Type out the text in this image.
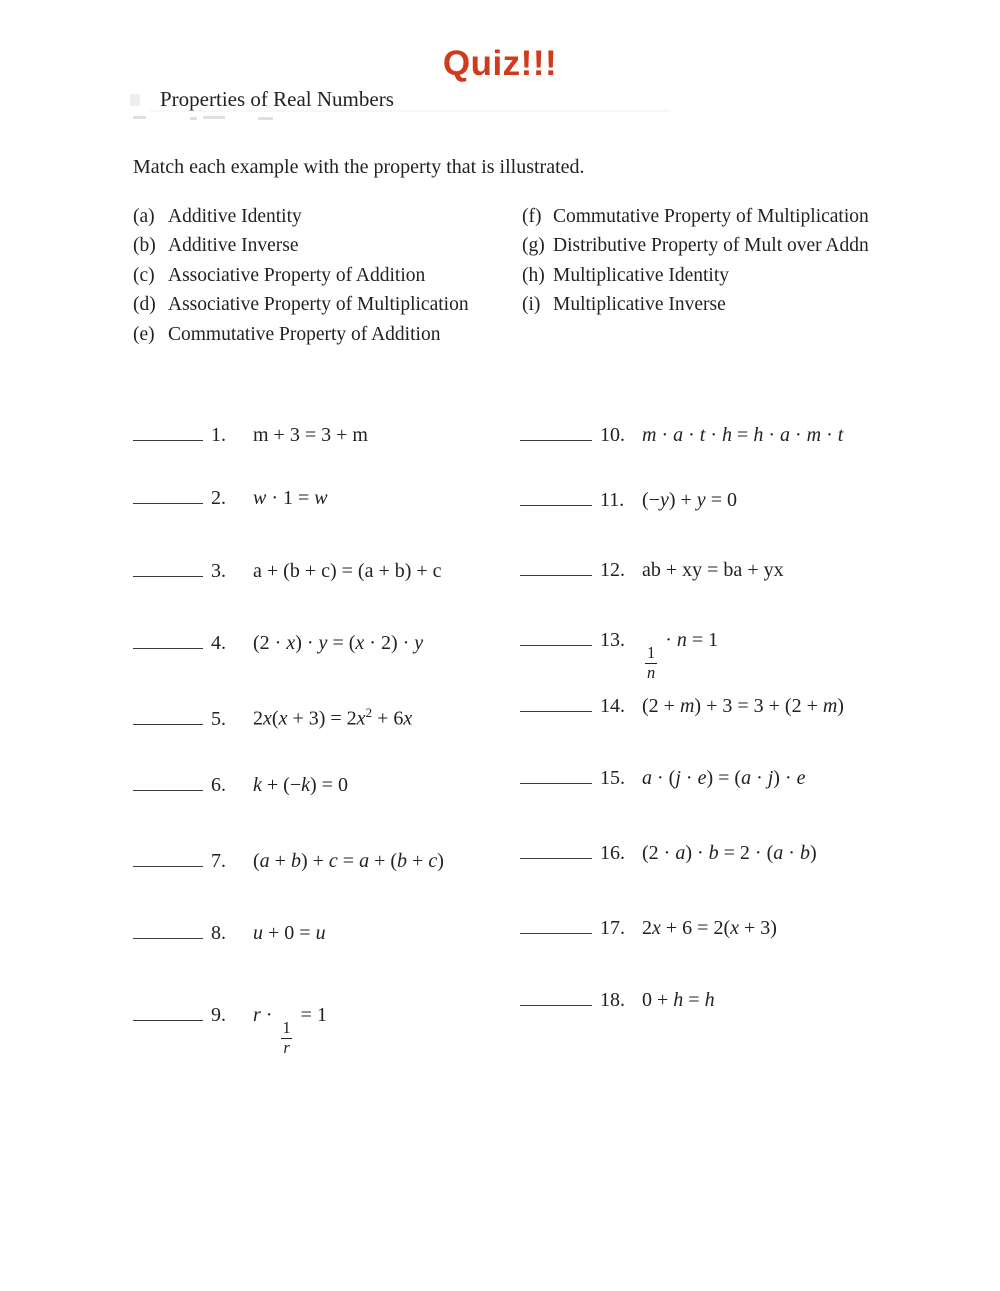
Quiz!!!
Properties of Real Numbers
Match each example with the property that is illustrated.
(a) Additive Identity
(b) Additive Inverse
(c) Associative Property of Addition
(d) Associative Property of Multiplication
(e) Commutative Property of Addition
(f) Commutative Property of Multiplication
(g) Distributive Property of Mult over Addn
(h) Multiplicative Identity
(i) Multiplicative Inverse
1.	m + 3 = 3 + m
2.	w · 1 = w
3.	a + (b + c) = (a + b) + c
4.	(2 · x) · y = (x · 2) · y
5.	$2x(x + 3) = 2x^2 + 6x$
6.	k + (−k) = 0
7.	(a + b) + c = a + (b + c)
8.	u + 0 = u
9.	r ·
$\frac{1}{r}$
= 1
10. m · a · t · h = h · a · m · t
11. (−y) + y = 0
12. ab + xy = ba + yx
13.
$\frac{1}{n}$
· n = 1
14. (2 + m) + 3 = 3 + (2 + m)
15. a · (j · e) = (a · j) · e
16. (2 · a) · b = 2 · (a · b)
17. 2x + 6 = 2(x + 3)
18. 0 + h = h
